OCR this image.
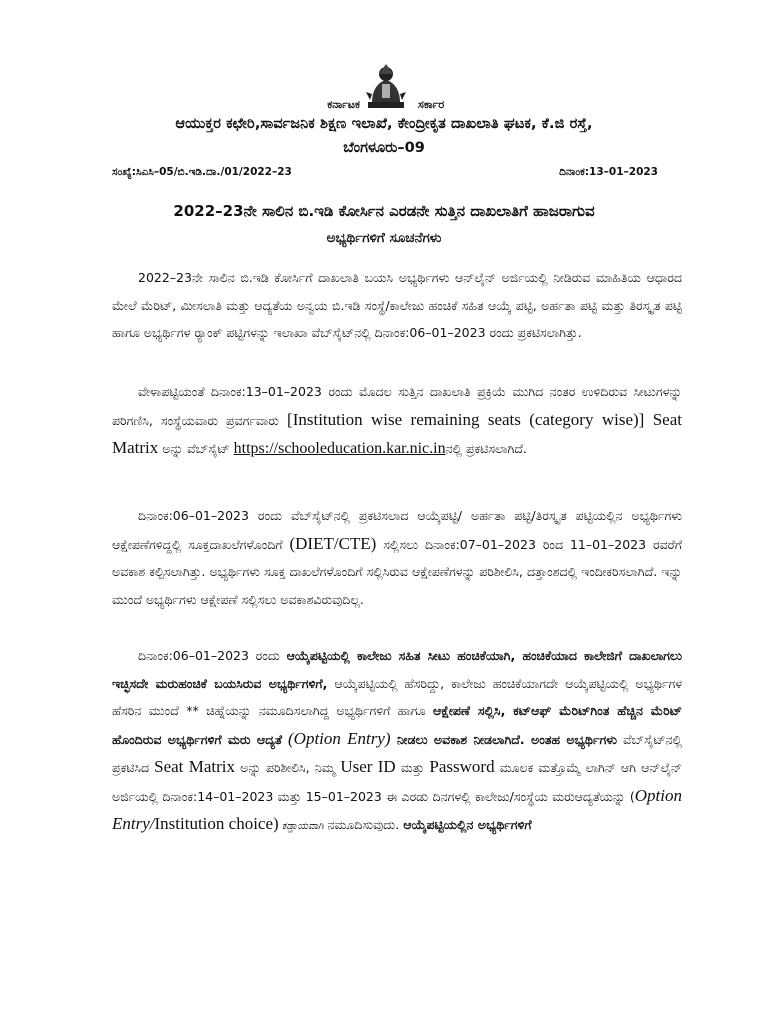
ಕರ್ನಾಟಕ	ಸರ್ಕಾರ
ಆಯುಕ್ತರ ಕಛೇರಿ,ಸಾರ್ವಜನಿಕ ಶಿಕ್ಷಣ ಇಲಾಖೆ, ಕೇಂದ್ರೀಕೃತ ದಾಖಲಾತಿ ಘಟಕ, ಕೆ.ಜಿ ರಸ್ತೆ,
ಬೆಂಗಳೂರು–09
ಸಂಖ್ಯೆ:ಸಿಎಸಿ–05/ಬಿ.ಇಡಿ.ದಾ./01/2022–23	ದಿನಾಂಕ:13–01–2023
2022–23ನೇ ಸಾಲಿನ ಬಿ.ಇಡಿ ಕೋರ್ಸಿನ ಎರಡನೇ ಸುತ್ತಿನ ದಾಖಲಾತಿಗೆ ಹಾಜರಾಗುವ
ಅಭ್ಯರ್ಥಿಗಳಿಗೆ ಸೂಚನೆಗಳು
2022–23ನೇ ಸಾಲಿನ ಬಿ.ಇಡಿ ಕೋರ್ಸಿಗೆ ದಾಖಲಾತಿ ಬಯಸಿ ಅಭ್ಯರ್ಥಿಗಳು ಆನ್‌ಲೈನ್ ಅರ್ಜಿಯಲ್ಲಿ ನೀಡಿರುವ ಮಾಹಿತಿಯ ಆಧಾರದ ಮೇಲೆ ಮೆರಿಟ್, ಮೀಸಲಾತಿ ಮತ್ತು ಆದ್ಯತೆಯ ಅನ್ವಯ ಬಿ.ಇಡಿ ಸಂಸ್ಥೆ/ಕಾಲೇಜು ಹಂಚಿಕೆ ಸಹಿತ ಆಯ್ಕೆ ಪಟ್ಟಿ, ಅರ್ಹತಾ ಪಟ್ಟಿ ಮತ್ತು ತಿರಸ್ಕೃತ ಪಟ್ಟಿ ಹಾಗೂ ಅಭ್ಯರ್ಥಿಗಳ ರ‍್ಯಾಂಕ್ ಪಟ್ಟಿಗಳನ್ನು ಇಲಾಖಾ ವೆಬ್‌ಸೈಟ್‌ನಲ್ಲಿ ದಿನಾಂಕ:06–01–2023 ರಂದು ಪ್ರಕಟಿಸಲಾಗಿತ್ತು.
ವೇಳಾಪಟ್ಟಿಯಂತೆ ದಿನಾಂಕ:13–01–2023 ರಂದು ಮೊದಲ ಸುತ್ತಿನ ದಾಖಲಾತಿ ಪ್ರಕ್ರಿಯೆ ಮುಗಿದ ನಂತರ ಉಳಿದಿರುವ ಸೀಟುಗಳನ್ನು ಪರಿಗಣಿಸಿ, ಸಂಸ್ಥೆಯವಾರು ಪ್ರವರ್ಗವಾರು [Institution wise remaining seats (category wise)] Seat Matrix ಅನ್ನು ವೆಬ್‌ಸೈಟ್ https://schooleducation.kar.nic.inನಲ್ಲಿ ಪ್ರಕಟಿಸಲಾಗಿದೆ.
ದಿನಾಂಕ:06–01–2023 ರಂದು ವೆಬ್‌ಸೈಟ್‌ನಲ್ಲಿ ಪ್ರಕಟಿಸಲಾದ ಆಯ್ಕೆಪಟ್ಟಿ/ ಅರ್ಹತಾ ಪಟ್ಟಿ/ತಿರಸ್ಕೃತ ಪಟ್ಟಿಯಲ್ಲಿನ ಅಭ್ಯರ್ಥಿಗಳು ಆಕ್ಷೇಪಣೆಗಳಿದ್ದಲ್ಲಿ ಸೂಕ್ತದಾಖಲೆಗಳೊಂದಿಗೆ (DIET/CTE) ಸಲ್ಲಿಸಲು ದಿನಾಂಕ:07–01–2023 ರಿಂದ 11–01–2023 ರವರೆಗೆ ಅವಕಾಶ ಕಲ್ಪಿಸಲಾಗಿತ್ತು. ಅಭ್ಯರ್ಥಿಗಳು ಸೂಕ್ತ ದಾಖಲೆಗಳೊಂದಿಗೆ ಸಲ್ಲಿಸಿರುವ ಆಕ್ಷೇಪಣೆಗಳನ್ನು ಪರಿಶೀಲಿಸಿ, ದತ್ತಾಂಶದಲ್ಲಿ ಇಂದೀಕರಿಸಲಾಗಿದೆ. ಇನ್ನು ಮುಂದೆ ಅಭ್ಯರ್ಥಿಗಳು ಆಕ್ಷೇಪಣೆ ಸಲ್ಲಿಸಲು ಅವಕಾಶವಿರುವುದಿಲ್ಲ.
ದಿನಾಂಕ:06–01–2023 ರಂದು ಆಯ್ಕೆಪಟ್ಟಿಯಲ್ಲಿ ಕಾಲೇಜು ಸಹಿತ ಸೀಟು ಹಂಚಿಕೆಯಾಗಿ, ಹಂಚಿಕೆಯಾದ ಕಾಲೇಜಿಗೆ ದಾಖಲಾಗಲು ಇಚ್ಛಿಸದೇ ಮರುಹಂಚಿಕೆ ಬಯಸಿರುವ ಅಭ್ಯರ್ಥಿಗಳಿಗೆ, ಆಯ್ಕೆಪಟ್ಟಿಯಲ್ಲಿ ಹೆಸರಿದ್ದು, ಕಾಲೇಜು ಹಂಚಿಕೆಯಾಗದೇ ಆಯ್ಕೆಪಟ್ಟಿಯಲ್ಲಿ ಅಭ್ಯರ್ಥಿಗಳ ಹೆಸರಿನ ಮುಂದೆ ** ಚಿಹ್ನೆಯನ್ನು ನಮೂದಿಸಲಾಗಿದ್ದ ಅಭ್ಯರ್ಥಿಗಳಿಗೆ ಹಾಗೂ ಆಕ್ಷೇಪಣೆ ಸಲ್ಲಿಸಿ, ಕಟ್‌ಆಫ್ ಮೆರಿಟ್‌ಗಿಂತ ಹೆಚ್ಚಿನ ಮೆರಿಟ್ ಹೊಂದಿರುವ ಅಭ್ಯರ್ಥಿಗಳಿಗೆ ಮರು ಆದ್ಯತೆ (Option Entry) ನೀಡಲು ಅವಕಾಶ ನೀಡಲಾಗಿದೆ. ಅಂತಹ ಅಭ್ಯರ್ಥಿಗಳು ವೆಬ್‌ಸೈಟ್‌ನಲ್ಲಿ ಪ್ರಕಟಿಸಿದ Seat Matrix ಅನ್ನು ಪರಿಶೀಲಿಸಿ, ನಿಮ್ಮ User ID ಮತ್ತು Password ಮೂಲಕ ಮತ್ತೊಮ್ಮೆ ಲಾಗಿನ್ ಆಗಿ ಆನ್‌ಲೈನ್ ಅರ್ಜಿಯಲ್ಲಿ ದಿನಾಂಕ:14–01–2023 ಮತ್ತು 15–01–2023 ಈ ಎರಡು ದಿನಗಳಲ್ಲಿ ಕಾಲೇಜು/ಸಂಸ್ಥೆಯ ಮರುಆದ್ಯತೆಯನ್ನು (Option Entry/Institution choice) ಕಡ್ಡಾಯವಾಗಿ ನಮೂದಿಸುವುದು. ಆಯ್ಕೆಪಟ್ಟಿಯಲ್ಲಿನ ಅಭ್ಯರ್ಥಿಗಳಿಗೆ
